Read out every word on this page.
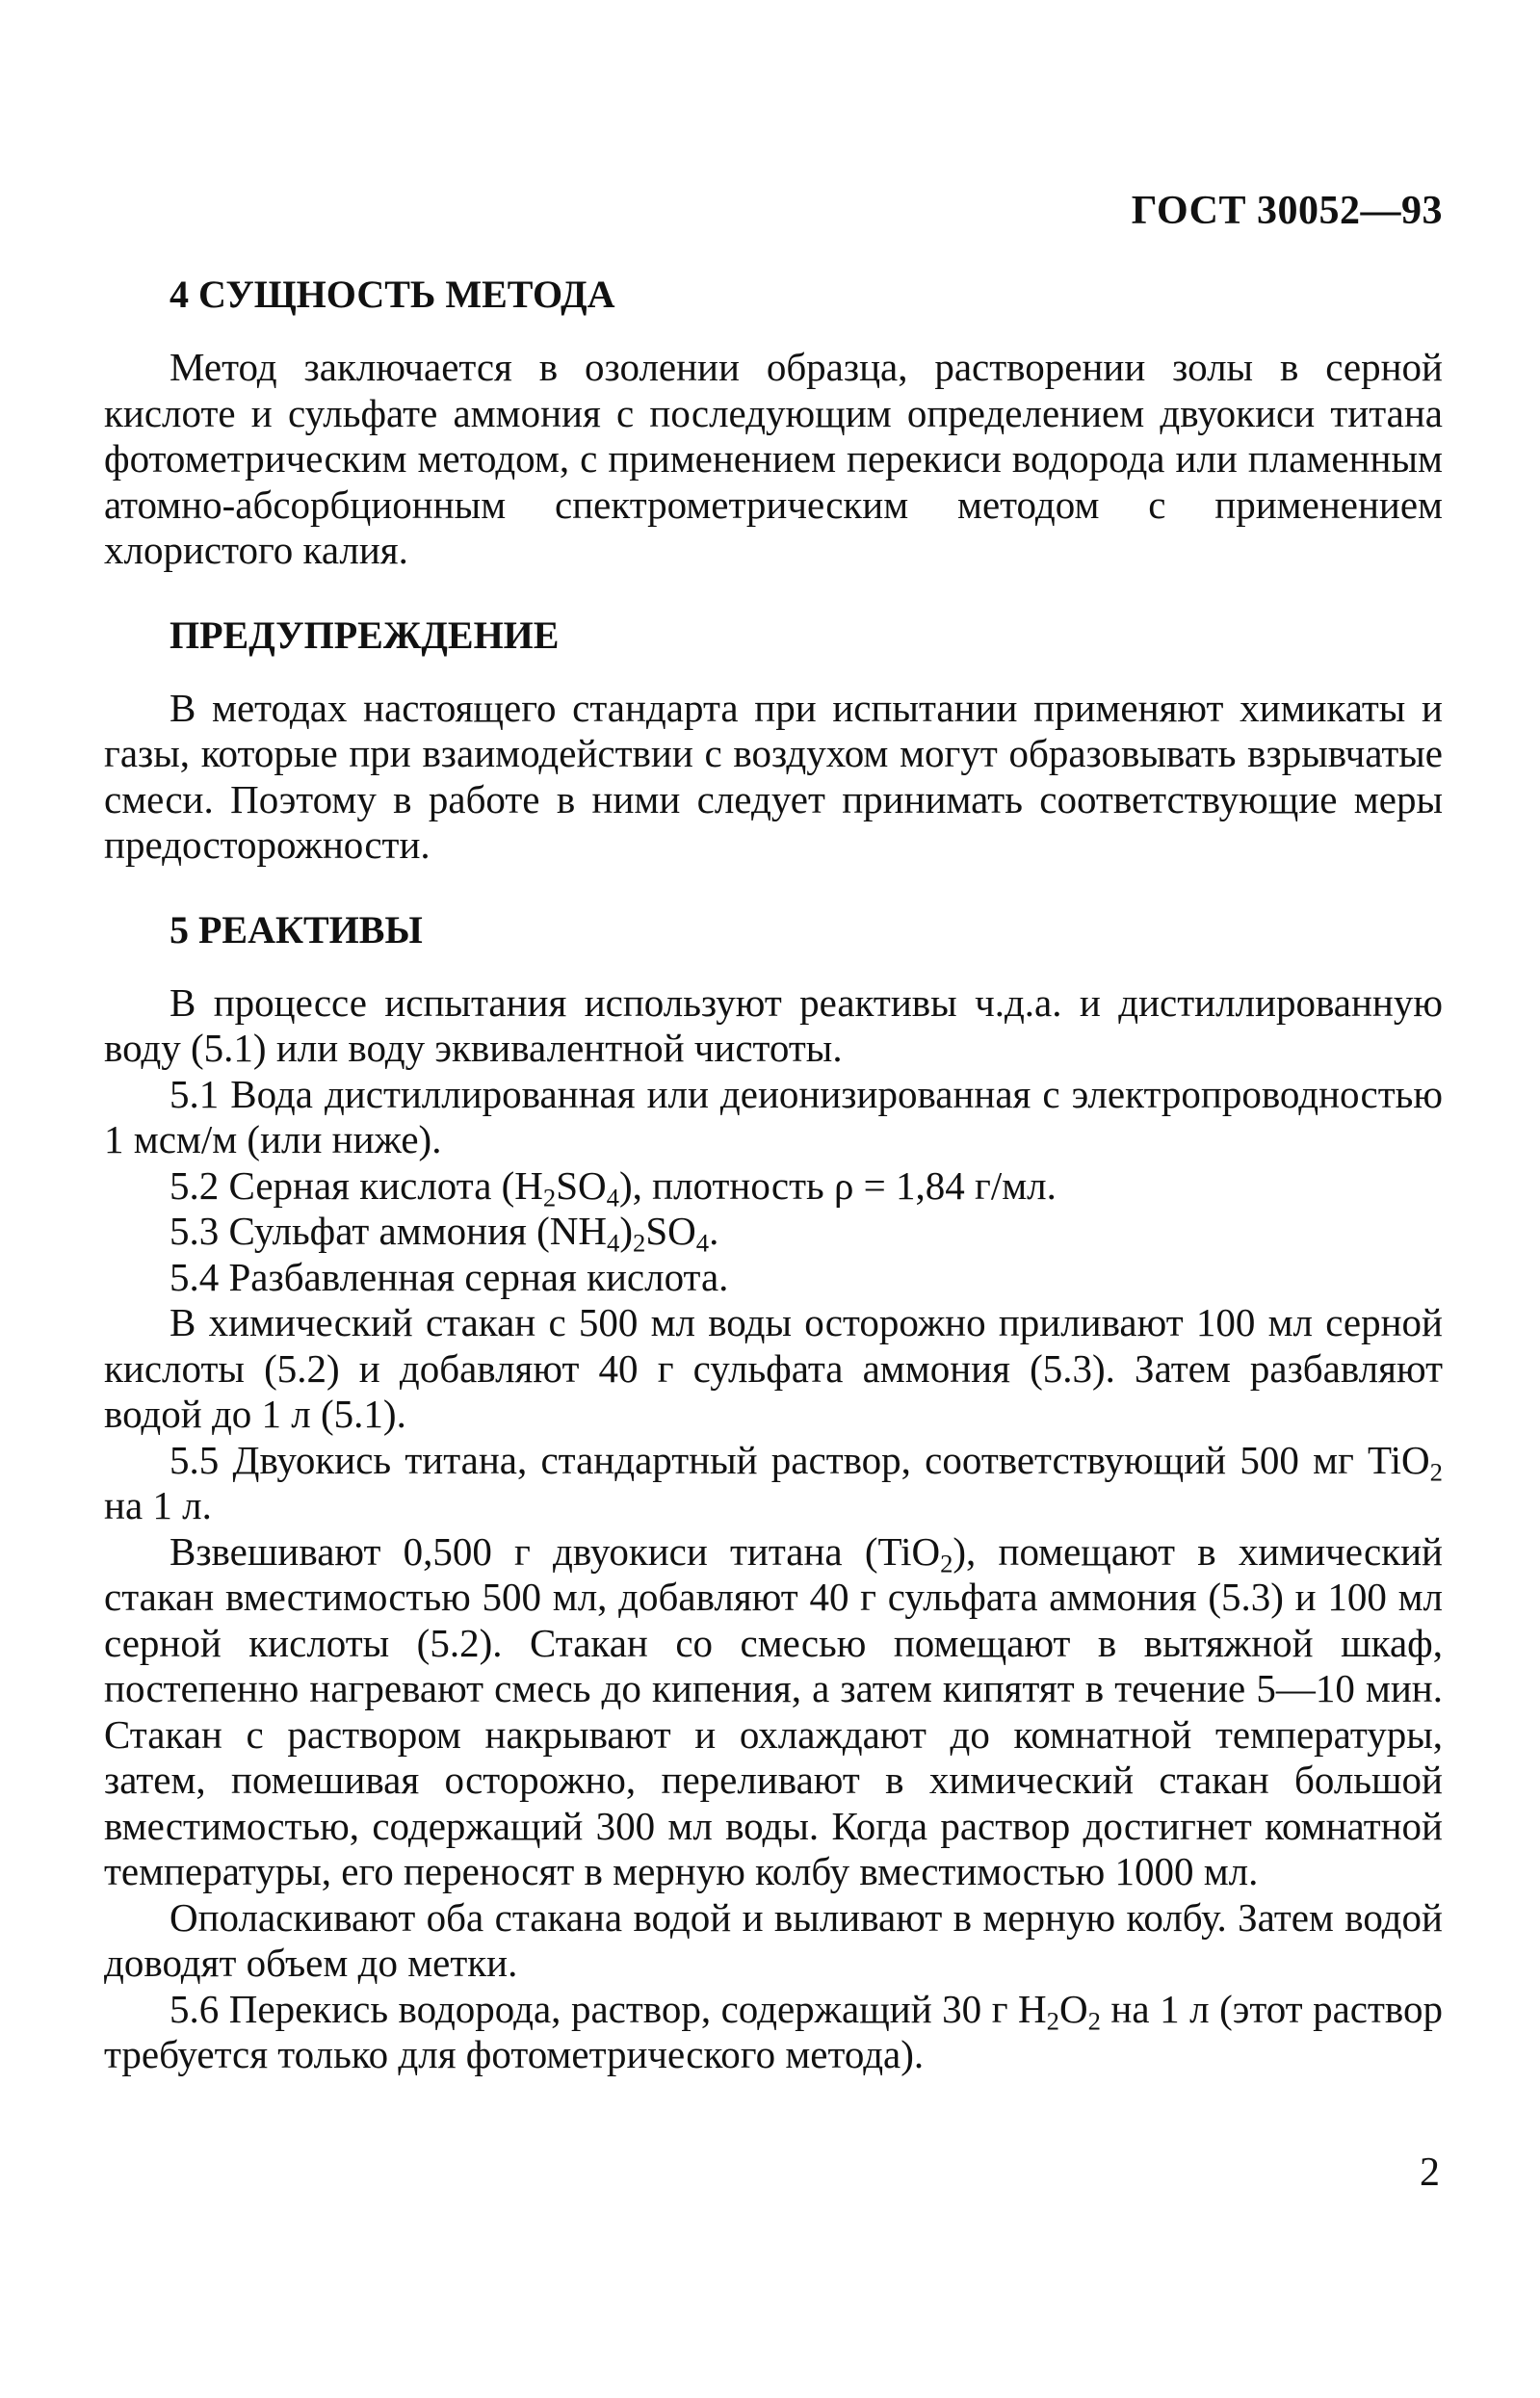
ГОСТ 30052—93
4 СУЩНОСТЬ МЕТОДА

Метод заключается в озолении образца, растворении золы в серной кислоте и сульфате аммония с последующим определением двуокиси титана фотометрическим методом, с применением перекиси водорода или пламенным атомно-абсорбционным спектрометрическим методом с применением хлористого калия.

ПРЕДУПРЕЖДЕНИЕ

В методах настоящего стандарта при испытании применяют химикаты и газы, которые при взаимодействии с воздухом могут образовывать взрывчатые смеси. Поэтому в работе в ними следует принимать соответствующие меры предосторожности.

5 РЕАКТИВЫ

В процессе испытания используют реактивы ч.д.а. и дистиллированную воду (5.1) или воду эквивалентной чистоты.

5.1 Вода дистиллированная или деионизированная с электропроводностью 1 мсм/м (или ниже).

5.2 Серная кислота $(H_2SO_4)$, плотность ρ = 1,84 г/мл.

5.3 Сульфат аммония $(NH_4)_2SO_4$.

5.4 Разбавленная серная кислота.

В химический стакан с 500 мл воды осторожно приливают 100 мл серной кислоты (5.2) и добавляют 40 г сульфата аммония (5.3). Затем разбавляют водой до 1 л (5.1).

5.5 Двуокись титана, стандартный раствор, соответствующий 500 мг TiO$_2$ на 1 л.

Взвешивают 0,500 г двуокиси титана (TiO$_2$), помещают в химический стакан вместимостью 500 мл, добавляют 40 г сульфата аммония (5.3) и 100 мл серной кислоты (5.2). Стакан со смесью помещают в вытяжной шкаф, постепенно нагревают смесь до кипения, а затем кипятят в течение 5—10 мин. Стакан с раствором накрывают и охлаждают до комнатной температуры, затем, помешивая осторожно, переливают в химический стакан большой вместимостью, содержащий 300 мл воды. Когда раствор достигнет комнатной температуры, его переносят в мерную колбу вместимостью 1000 мл.

Ополаскивают оба стакана водой и выливают в мерную колбу. Затем водой доводят объем до метки.

5.6 Перекись водорода, раствор, содержащий 30 г $H_2O_2$ на 1 л (этот раствор требуется только для фотометрического метода).

2
